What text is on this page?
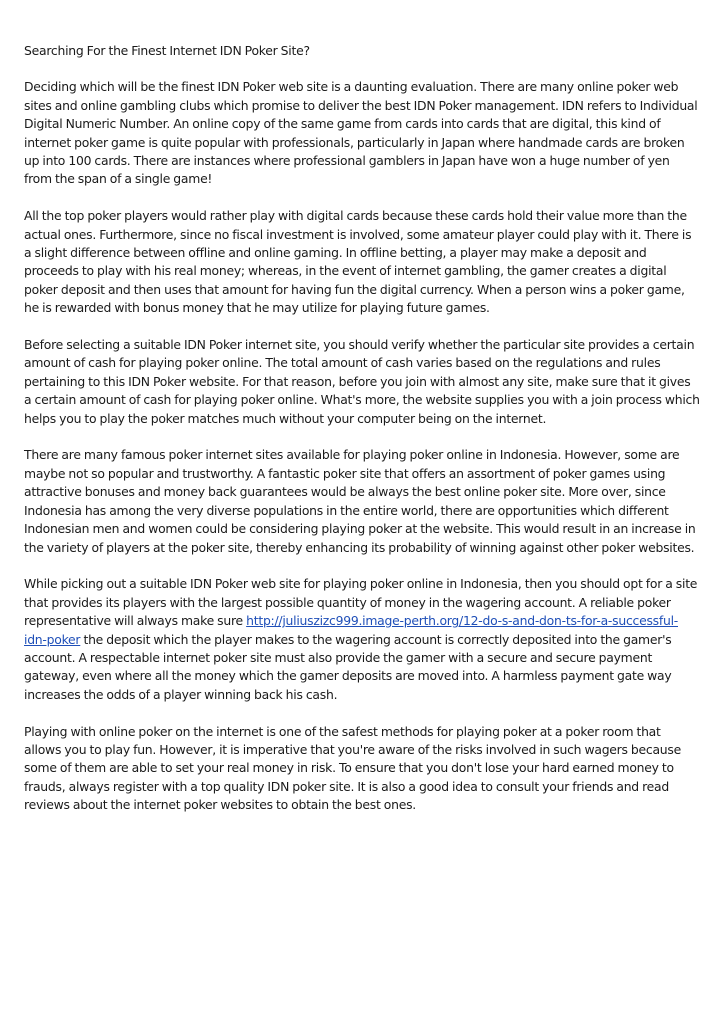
Searching For the Finest Internet IDN Poker Site?

Deciding which will be the finest IDN Poker web site is a daunting evaluation. There are many online poker web sites and online gambling clubs which promise to deliver the best IDN Poker management. IDN refers to Individual Digital Numeric Number. An online copy of the same game from cards into cards that are digital, this kind of internet poker game is quite popular with professionals, particularly in Japan where handmade cards are broken up into 100 cards. There are instances where professional gamblers in Japan have won a huge number of yen from the span of a single game!

All the top poker players would rather play with digital cards because these cards hold their value more than the actual ones. Furthermore, since no fiscal investment is involved, some amateur player could play with it. There is a slight difference between offline and online gaming. In offline betting, a player may make a deposit and proceeds to play with his real money; whereas, in the event of internet gambling, the gamer creates a digital poker deposit and then uses that amount for having fun the digital currency. When a person wins a poker game, he is rewarded with bonus money that he may utilize for playing future games.

Before selecting a suitable IDN Poker internet site, you should verify whether the particular site provides a certain amount of cash for playing poker online. The total amount of cash varies based on the regulations and rules pertaining to this IDN Poker website. For that reason, before you join with almost any site, make sure that it gives a certain amount of cash for playing poker online. What's more, the website supplies you with a join process which helps you to play the poker matches much without your computer being on the internet.

There are many famous poker internet sites available for playing poker online in Indonesia. However, some are maybe not so popular and trustworthy. A fantastic poker site that offers an assortment of poker games using attractive bonuses and money back guarantees would be always the best online poker site. More over, since Indonesia has among the very diverse populations in the entire world, there are opportunities which different Indonesian men and women could be considering playing poker at the website. This would result in an increase in the variety of players at the poker site, thereby enhancing its probability of winning against other poker websites.

While picking out a suitable IDN Poker web site for playing poker online in Indonesia, then you should opt for a site that provides its players with the largest possible quantity of money in the wagering account. A reliable poker representative will always make sure http://juliuszizc999.image-perth.org/12-do-s-and-don-ts-for-a-successful-idn-poker the deposit which the player makes to the wagering account is correctly deposited into the gamer's account. A respectable internet poker site must also provide the gamer with a secure and secure payment gateway, even where all the money which the gamer deposits are moved into. A harmless payment gate way increases the odds of a player winning back his cash.

Playing with online poker on the internet is one of the safest methods for playing poker at a poker room that allows you to play fun. However, it is imperative that you're aware of the risks involved in such wagers because some of them are able to set your real money in risk. To ensure that you don't lose your hard earned money to frauds, always register with a top quality IDN poker site. It is also a good idea to consult your friends and read reviews about the internet poker websites to obtain the best ones.
